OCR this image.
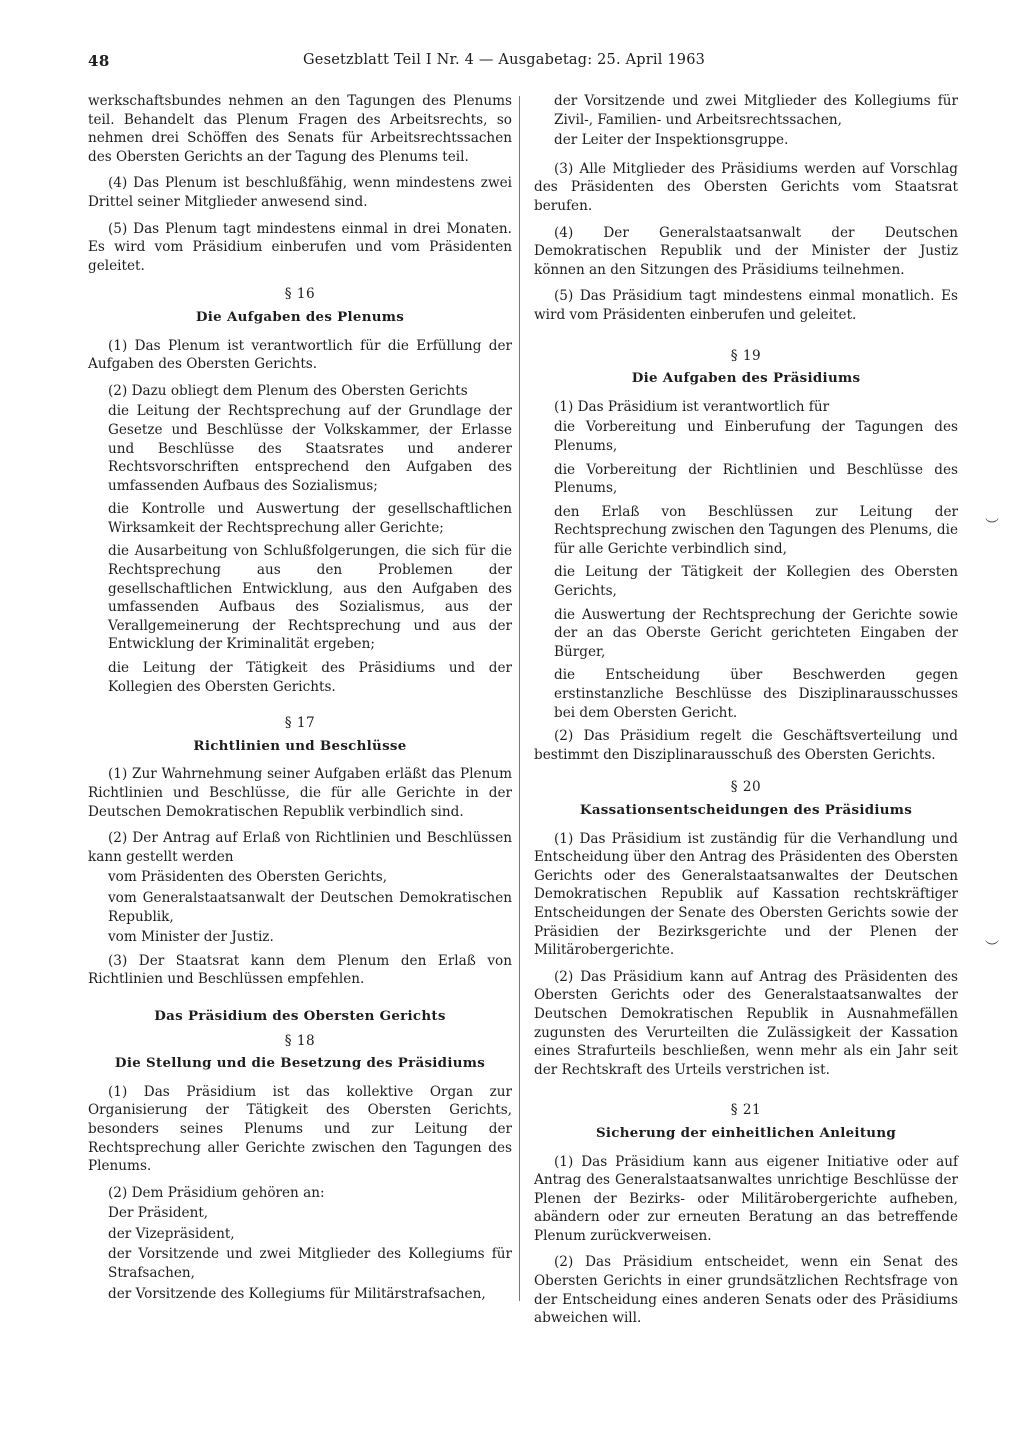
48	Gesetzblatt Teil I Nr. 4 — Ausgabetag: 25. April 1963

werkschaftsbundes nehmen an den Tagungen des Plenums teil. Behandelt das Plenum Fragen des Arbeitsrechts, so nehmen drei Schöffen des Senats für Arbeitsrechtssachen des Obersten Gerichts an der Tagung des Plenums teil.

(4) Das Plenum ist beschlußfähig, wenn mindestens zwei Drittel seiner Mitglieder anwesend sind.

(5) Das Plenum tagt mindestens einmal in drei Monaten. Es wird vom Präsidium einberufen und vom Präsidenten geleitet.

§ 16
Die Aufgaben des Plenums

(1) Das Plenum ist verantwortlich für die Erfüllung der Aufgaben des Obersten Gerichts.

(2) Dazu obliegt dem Plenum des Obersten Gerichts

die Leitung der Rechtsprechung auf der Grundlage der Gesetze und Beschlüsse der Volkskammer, der Erlasse und Beschlüsse des Staatsrates und anderer Rechtsvorschriften entsprechend den Aufgaben des umfassenden Aufbaus des Sozialismus;
die Kontrolle und Auswertung der gesellschaftlichen Wirksamkeit der Rechtsprechung aller Gerichte;
die Ausarbeitung von Schlußfolgerungen, die sich für die Rechtsprechung aus den Problemen der gesellschaftlichen Entwicklung, aus den Aufgaben des umfassenden Aufbaus des Sozialismus, aus der Verallgemeinerung der Rechtsprechung und aus der Entwicklung der Kriminalität ergeben;
die Leitung der Tätigkeit des Präsidiums und der Kollegien des Obersten Gerichts.
§ 17
Richtlinien und Beschlüsse

(1) Zur Wahrnehmung seiner Aufgaben erläßt das Plenum Richtlinien und Beschlüsse, die für alle Gerichte in der Deutschen Demokratischen Republik verbindlich sind.

(2) Der Antrag auf Erlaß von Richtlinien und Beschlüssen kann gestellt werden

vom Präsidenten des Obersten Gerichts,
vom Generalstaatsanwalt der Deutschen Demokratischen Republik,
vom Minister der Justiz.

(3) Der Staatsrat kann dem Plenum den Erlaß von Richtlinien und Beschlüssen empfehlen.

Das Präsidium des Obersten Gerichts
§ 18
Die Stellung und die Besetzung des Präsidiums

(1) Das Präsidium ist das kollektive Organ zur Organisierung der Tätigkeit des Obersten Gerichts, besonders seines Plenums und zur Leitung der Rechtsprechung aller Gerichte zwischen den Tagungen des Plenums.

(2) Dem Präsidium gehören an:

Der Präsident,
der Vizepräsident,
der Vorsitzende und zwei Mitglieder des Kollegiums für Strafsachen,
der Vorsitzende des Kollegiums für Militärstrafsachen,
der Vorsitzende und zwei Mitglieder des Kollegiums für Zivil-, Familien- und Arbeitsrechtssachen,
der Leiter der Inspektionsgruppe.

(3) Alle Mitglieder des Präsidiums werden auf Vorschlag des Präsidenten des Obersten Gerichts vom Staatsrat berufen.

(4) Der Generalstaatsanwalt der Deutschen Demokratischen Republik und der Minister der Justiz können an den Sitzungen des Präsidiums teilnehmen.

(5) Das Präsidium tagt mindestens einmal monatlich. Es wird vom Präsidenten einberufen und geleitet.

§ 19
Die Aufgaben des Präsidiums

(1) Das Präsidium ist verantwortlich für

die Vorbereitung und Einberufung der Tagungen des Plenums,
die Vorbereitung der Richtlinien und Beschlüsse des Plenums,
den Erlaß von Beschlüssen zur Leitung der Rechtsprechung zwischen den Tagungen des Plenums, die für alle Gerichte verbindlich sind,
die Leitung der Tätigkeit der Kollegien des Obersten Gerichts,
die Auswertung der Rechtsprechung der Gerichte sowie der an das Oberste Gericht gerichteten Eingaben der Bürger,
die Entscheidung über Beschwerden gegen erstinstanzliche Beschlüsse des Disziplinarausschusses bei dem Obersten Gericht.

(2) Das Präsidium regelt die Geschäftsverteilung und bestimmt den Disziplinarausschuß des Obersten Gerichts.

§ 20
Kassationsentscheidungen des Präsidiums

(1) Das Präsidium ist zuständig für die Verhandlung und Entscheidung über den Antrag des Präsidenten des Obersten Gerichts oder des Generalstaatsanwaltes der Deutschen Demokratischen Republik auf Kassation rechtskräftiger Entscheidungen der Senate des Obersten Gerichts sowie der Präsidien der Bezirksgerichte und der Plenen der Militärobergerichte.

(2) Das Präsidium kann auf Antrag des Präsidenten des Obersten Gerichts oder des Generalstaatsanwaltes der Deutschen Demokratischen Republik in Ausnahmefällen zugunsten des Verurteilten die Zulässigkeit der Kassation eines Strafurteils beschließen, wenn mehr als ein Jahr seit der Rechtskraft des Urteils verstrichen ist.

§ 21
Sicherung der einheitlichen Anleitung

(1) Das Präsidium kann aus eigener Initiative oder auf Antrag des Generalstaatsanwaltes unrichtige Beschlüsse der Plenen der Bezirks- oder Militärobergerichte aufheben, abändern oder zur erneuten Beratung an das betreffende Plenum zurückverweisen.

(2) Das Präsidium entscheidet, wenn ein Senat des Obersten Gerichts in einer grundsätzlichen Rechtsfrage von der Entscheidung eines anderen Senats oder des Präsidiums abweichen will.

︶
︶
